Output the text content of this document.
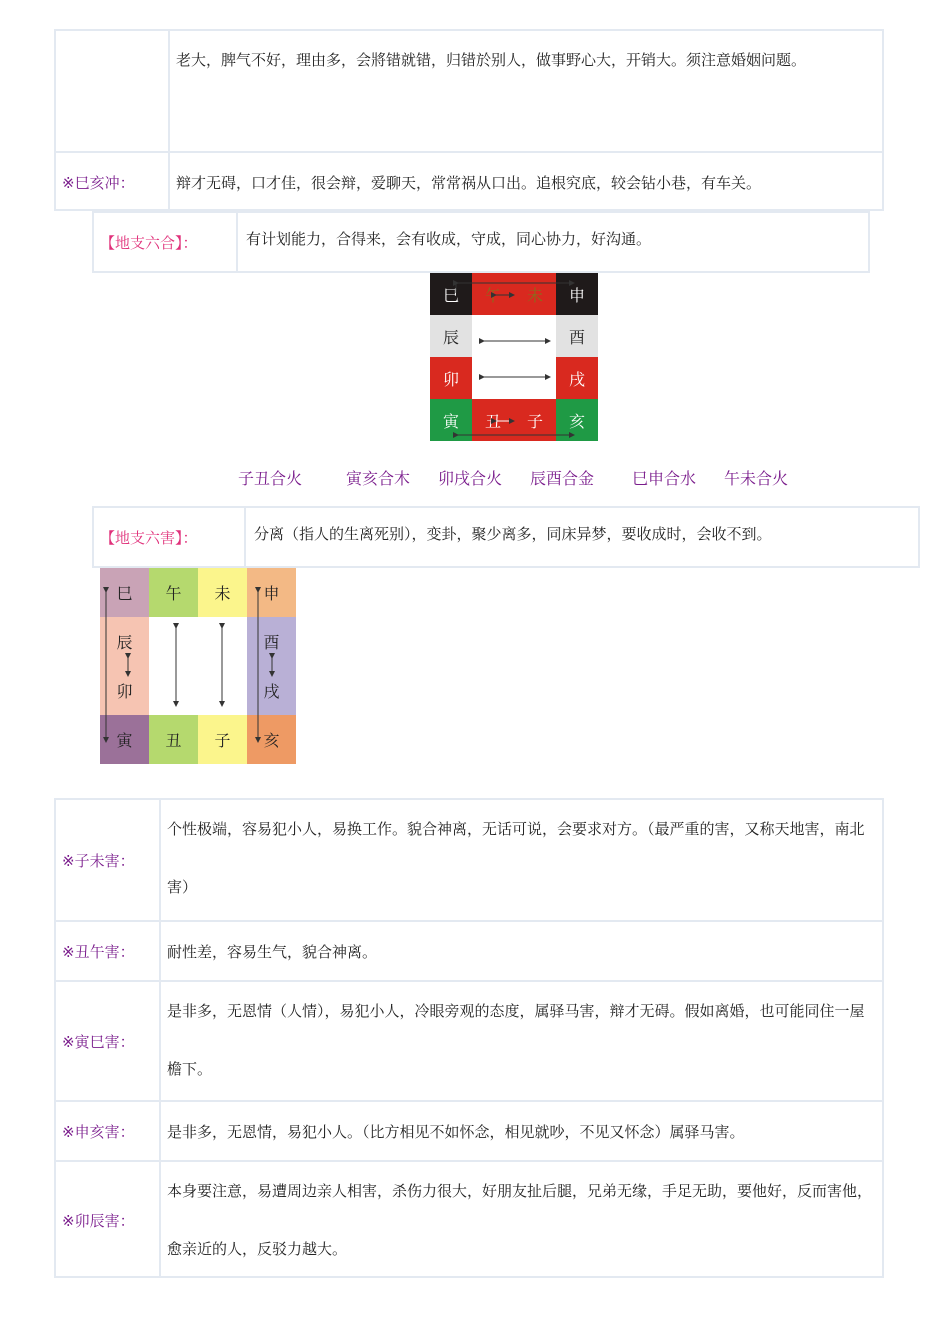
老大，脾气不好，理由多，会將错就错，归错於别人，做事野心大，开销大。须注意婚姻问题。
※巳亥冲：	辩才无碍，口才佳，很会辩，爱聊天，常常祸从口出。追根究底，较会钻小巷，有车关。
【地支六合】：	有计划能力，合得来，会有收成，守成，同心协力，好沟通。
巳	午	未	申
辰	酉
卯	戌
寅	丑	子	亥
子丑合火	寅亥合木 卯戌合火 辰酉合金 巳申合水 午未合火
【地支六害】：	分离（指人的生离死别），变卦，聚少离多，同床异梦，要收成时，会收不到。
巳	午	未	申
辰	酉
卯	戌
寅	丑	子	亥
※子未害：
个性极端，容易犯小人，易换工作。貌合神离，无话可说，会要求对方。（最严重的害，又称天地害，南北害）
※丑午害：	耐性差，容易生气，貌合神离。
※寅巳害：
是非多，无恩情（人情），易犯小人，冷眼旁观的态度，属驿马害，辩才无碍。假如离婚，也可能同住一屋檐下。
※申亥害：	是非多，无恩情，易犯小人。（比方相见不如怀念，相见就吵，不见又怀念）属驿马害。
※卯辰害：
本身要注意，易遭周边亲人相害，杀伤力很大，好朋友扯后腿，兄弟无缘，手足无助，要他好，反而害他，愈亲近的人，反驳力越大。
